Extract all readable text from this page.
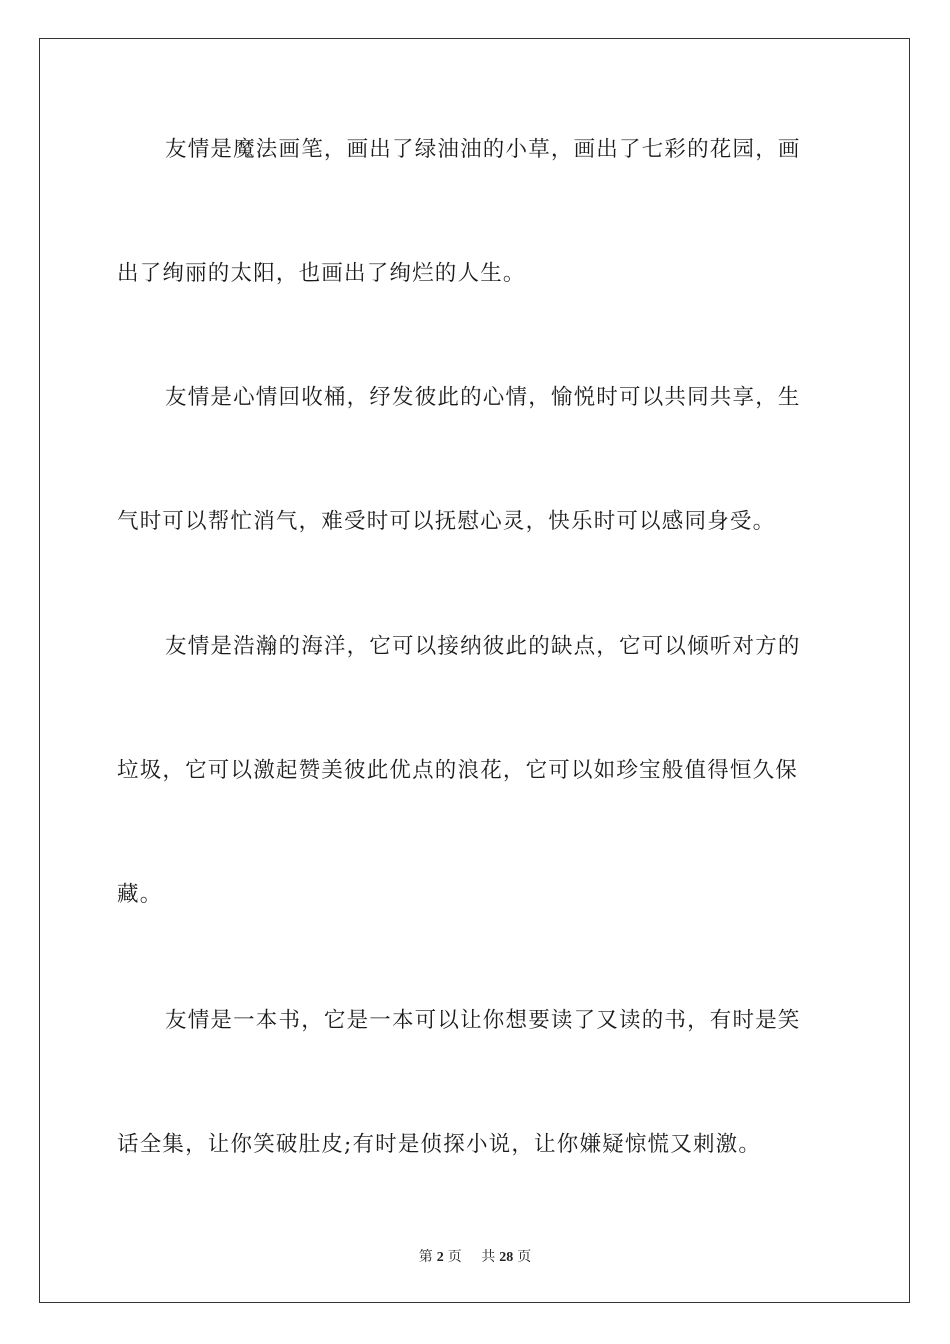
友情是魔法画笔，画出了绿油油的小草，画出了七彩的花园，画
出了绚丽的太阳，也画出了绚烂的人生。
友情是心情回收桶，纾发彼此的心情，愉悦时可以共同共享，生
气时可以帮忙消气，难受时可以抚慰心灵，快乐时可以感同身受。
友情是浩瀚的海洋，它可以接纳彼此的缺点，它可以倾听对方的
垃圾，它可以激起赞美彼此优点的浪花，它可以如珍宝般值得恒久保
藏。
友情是一本书，它是一本可以让你想要读了又读的书，有时是笑
话全集，让你笑破肚皮;有时是侦探小说，让你嫌疑惊慌又刺激。
第 2 页 共 28 页
